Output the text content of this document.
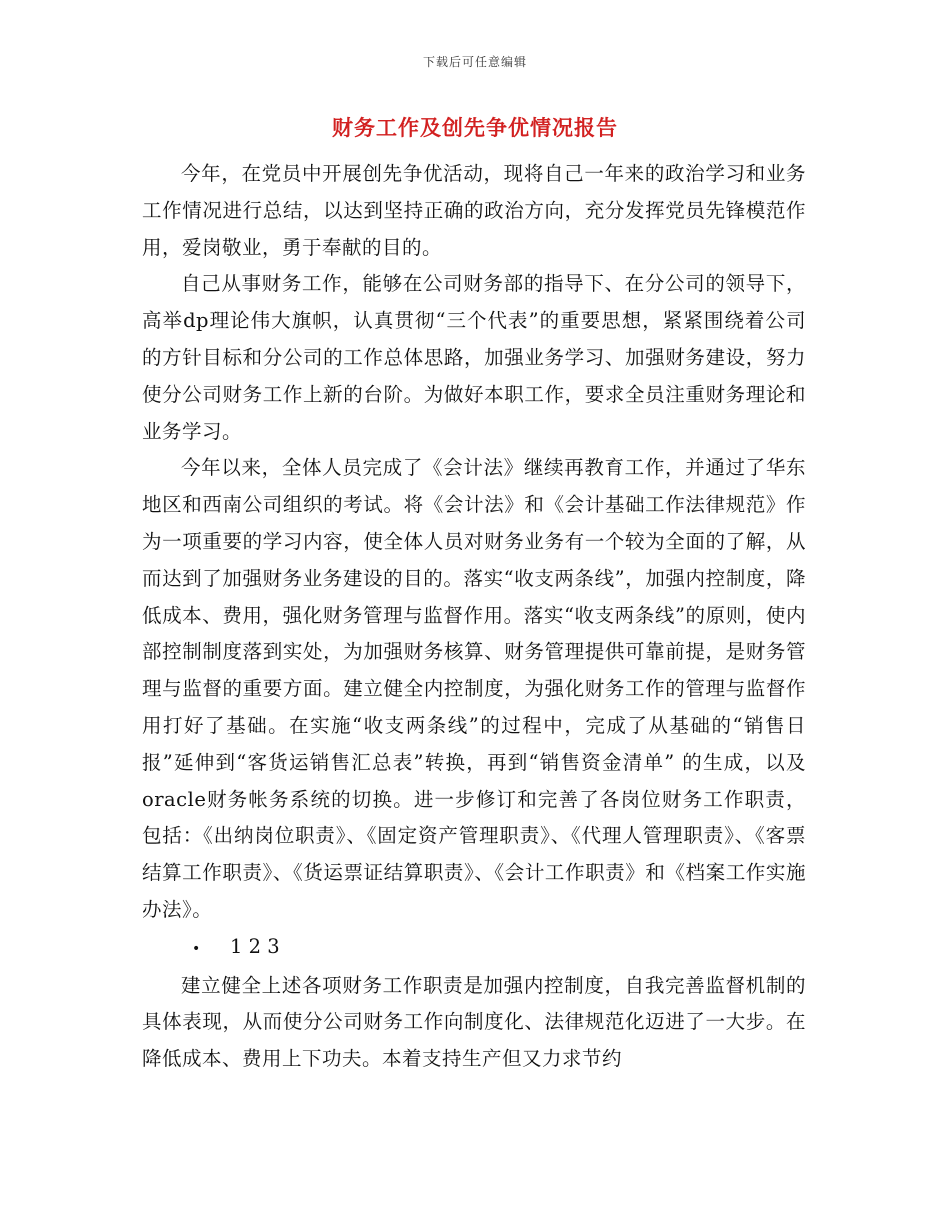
下载后可任意编辑
财务工作及创先争优情况报告

今年，在党员中开展创先争优活动，现将自己一年来的政治学习和业务工作情况进行总结，以达到坚持正确的政治方向，充分发挥党员先锋模范作用，爱岗敬业，勇于奉献的目的。

自己从事财务工作，能够在公司财务部的指导下、在分公司的领导下，高举dp理论伟大旗帜，认真贯彻“三个代表”的重要思想，紧紧围绕着公司的方针目标和分公司的工作总体思路，加强业务学习、加强财务建设，努力使分公司财务工作上新的台阶。为做好本职工作，要求全员注重财务理论和业务学习。

今年以来，全体人员完成了《会计法》继续再教育工作，并通过了华东地区和西南公司组织的考试。将《会计法》和《会计基础工作法律规范》作为一项重要的学习内容，使全体人员对财务业务有一个较为全面的了解，从而达到了加强财务业务建设的目的。落实“收支两条线”，加强内控制度，降低成本、费用，强化财务管理与监督作用。落实“收支两条线”的原则，使内部控制制度落到实处，为加强财务核算、财务管理提供可靠前提，是财务管理与监督的重要方面。建立健全内控制度，为强化财务工作的管理与监督作用打好了基础。在实施“收支两条线”的过程中，完成了从基础的“销售日报”延伸到“客货运销售汇总表”转换，再到“销售资金清单” 的生成，以及oracle财务帐务系统的切换。进一步修订和完善了各岗位财务工作职责，包括：《出纳岗位职责》、《固定资产管理职责》、《代理人管理职责》、《客票结算工作职责》、《货运票证结算职责》、《会计工作职责》和《档案工作实施办法》。

• 1 2 3

建立健全上述各项财务工作职责是加强内控制度，自我完善监督机制的具体表现，从而使分公司财务工作向制度化、法律规范化迈进了一大步。在降低成本、费用上下功夫。本着支持生产但又力求节约
